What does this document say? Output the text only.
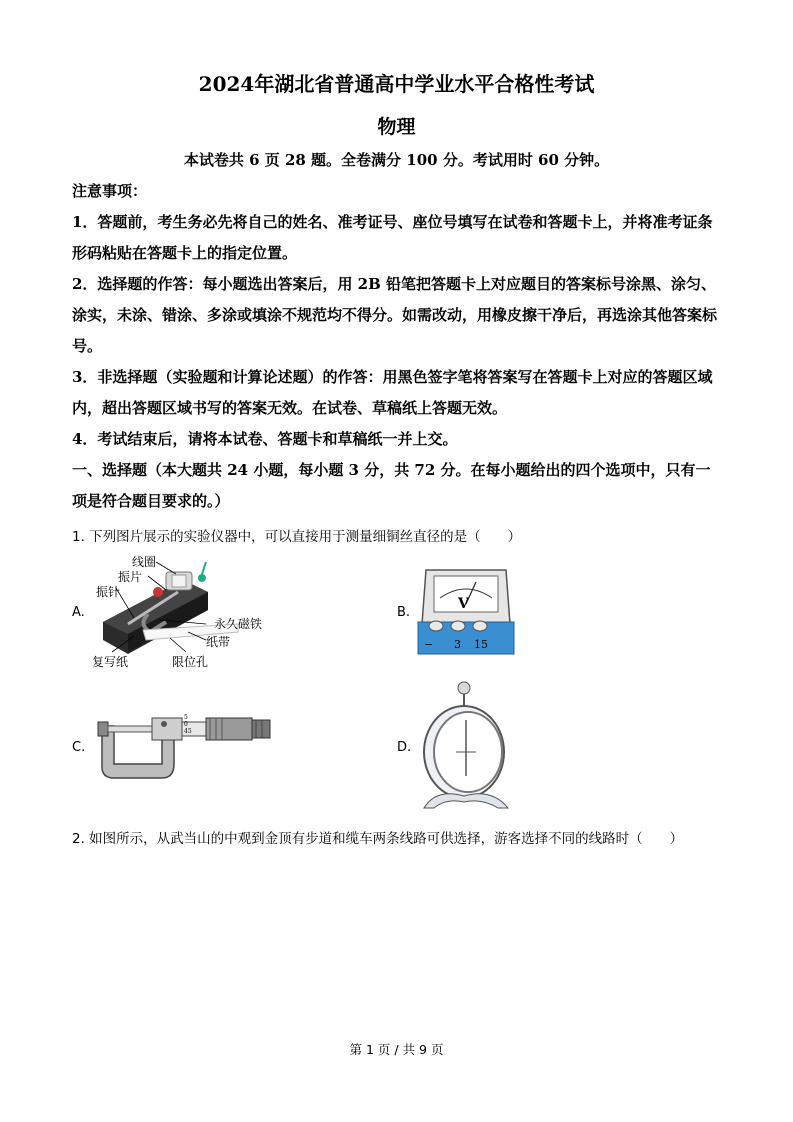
2024年湖北省普通高中学业水平合格性考试
物理
本试卷共 6 页 28 题。全卷满分 100 分。考试用时 60 分钟。
注意事项：
1．答题前，考生务必先将自己的姓名、准考证号、座位号填写在试卷和答题卡上，并将准考证条形码粘贴在答题卡上的指定位置。
2．选择题的作答：每小题选出答案后，用 2B 铅笔把答题卡上对应题目的答案标号涂黑、涂匀、涂实，未涂、错涂、多涂或填涂不规范均不得分。如需改动，用橡皮擦干净后，再选涂其他答案标号。
3．非选择题（实验题和计算论述题）的作答：用黑色签字笔将答案写在答题卡上对应的答题区域内，超出答题区域书写的答案无效。在试卷、草稿纸上答题无效。
4．考试结束后，请将本试卷、答题卡和草稿纸一并上交。
一、选择题（本大题共 24 小题，每小题 3 分，共 72 分。在每小题给出的四个选项中，只有一项是符合题目要求的。）
1. 下列图片展示的实验仪器中，可以直接用于测量细铜丝直径的是（　　）
A.
线圈
振片
振针
永久磁铁
纸带
复写纸	限位孔
B.
V
− 3 15
C.
5
0
45
D.
2. 如图所示，从武当山的中观到金顶有步道和缆车两条线路可供选择，游客选择不同的线路时（　　）
第 1 页 / 共 9 页
